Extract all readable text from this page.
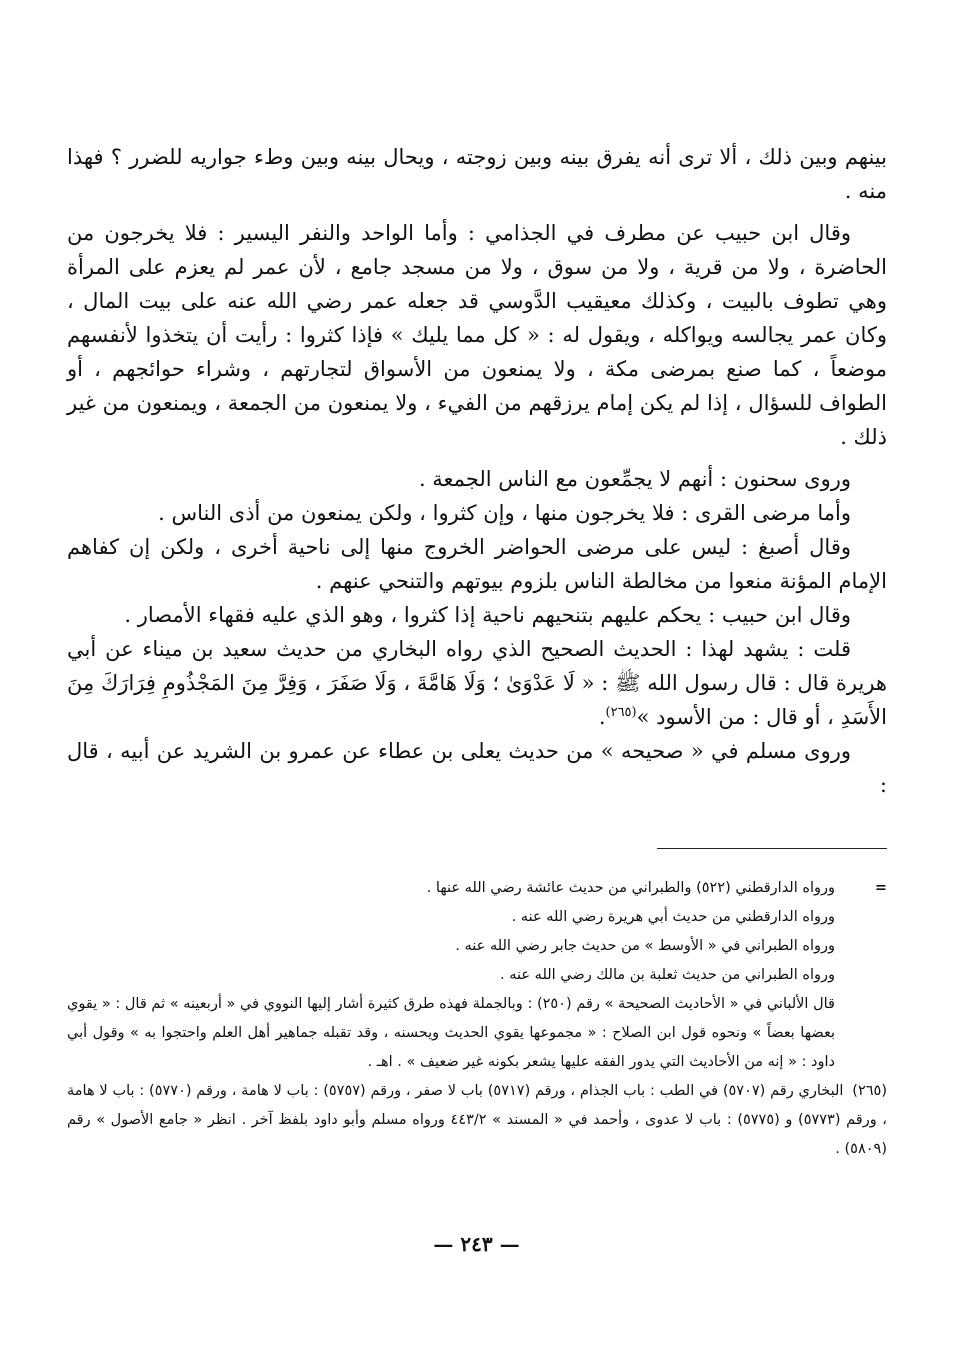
بينهم وبين ذلك ، ألا ترى أنه يفرق بينه وبين زوجته ، ويحال بينه وبين وطء جواريه للضرر ؟ فهذا منه .

وقال ابن حبيب عن مطرف في الجذامي : وأما الواحد والنفر اليسير : فلا يخرجون من الحاضرة ، ولا من قرية ، ولا من سوق ، ولا من مسجد جامع ، لأن عمر لم يعزم على المرأة وهي تطوف بالبيت ، وكذلك معيقيب الدَّوسي قد جعله عمر رضي الله عنه على بيت المال ، وكان عمر يجالسه ويواكله ، ويقول له : « كل مما يليك » فإذا كثروا : رأيت أن يتخذوا لأنفسهم موضعاً ، كما صنع بمرضى مكة ، ولا يمنعون من الأسواق لتجارتهم ، وشراء حوائجهم ، أو الطواف للسؤال ، إذا لم يكن إمام يرزقهم من الفيء ، ولا يمنعون من الجمعة ، ويمنعون من غير ذلك .

وروى سحنون : أنهم لا يجمِّعون مع الناس الجمعة .

وأما مرضى القرى : فلا يخرجون منها ، وإن كثروا ، ولكن يمنعون من أذى الناس .

وقال أصبغ : ليس على مرضى الحواضر الخروج منها إلى ناحية أخرى ، ولكن إن كفاهم الإمام المؤنة منعوا من مخالطة الناس بلزوم بيوتهم والتنحي عنهم .

وقال ابن حبيب : يحكم عليهم بتنحيهم ناحية إذا كثروا ، وهو الذي عليه فقهاء الأمصار .

قلت : يشهد لهذا : الحديث الصحيح الذي رواه البخاري من حديث سعيد بن ميناء عن أبي هريرة قال : قال رسول الله ﷺ : « لَا عَدْوَىٰ ؛ وَلَا هَامَّةَ ، وَلَا صَفَرَ ، وَفِرَّ مِنَ المَجْذُومِ فِرَارَكَ مِنَ الأَسَدِ ، أو قال : من الأسود »$^{(٢٦٥)}$.

وروى مسلم في « صحيحه » من حديث يعلى بن عطاء عن عمرو بن الشريد عن أبيه ، قال :

=

ورواه الدارقطني (٥٢٢) والطبراني من حديث عائشة رضي الله عنها .

ورواه الدارقطني من حديث أبي هريرة رضي الله عنه .

ورواه الطبراني في « الأوسط » من حديث جابر رضي الله عنه .

ورواه الطبراني من حديث ثعلبة بن مالك رضي الله عنه .

قال الألباني في « الأحاديث الصحيحة » رقم (٢٥٠) : وبالجملة فهذه طرق كثيرة أشار إليها النووي في « أربعينه » ثم قال : « يقوي بعضها بعضاً » ونحوه قول ابن الصلاح : « مجموعها يقوي الحديث ويحسنه ، وقد تقبله جماهير أهل العلم واحتجوا به » وقول أبي داود : « إنه من الأحاديث التي يدور الفقه عليها يشعر بكونه غير ضعيف » . اهـ .

(٢٦٥) البخاري رقم (٥٧٠٧) في الطب : باب الجذام ، ورقم (٥٧١٧) باب لا صفر ، ورقم (٥٧٥٧) : باب لا هامة ، ورقم (٥٧٧٠) : باب لا هامة ، ورقم (٥٧٧٣) و (٥٧٧٥) : باب لا عدوى ، وأحمد في « المسند » ٤٤٣/٢ ورواه مسلم وأبو داود بلفظ آخر . انظر « جامع الأصول » رقم (٥٨٠٩) .

— ٢٤٣ —
